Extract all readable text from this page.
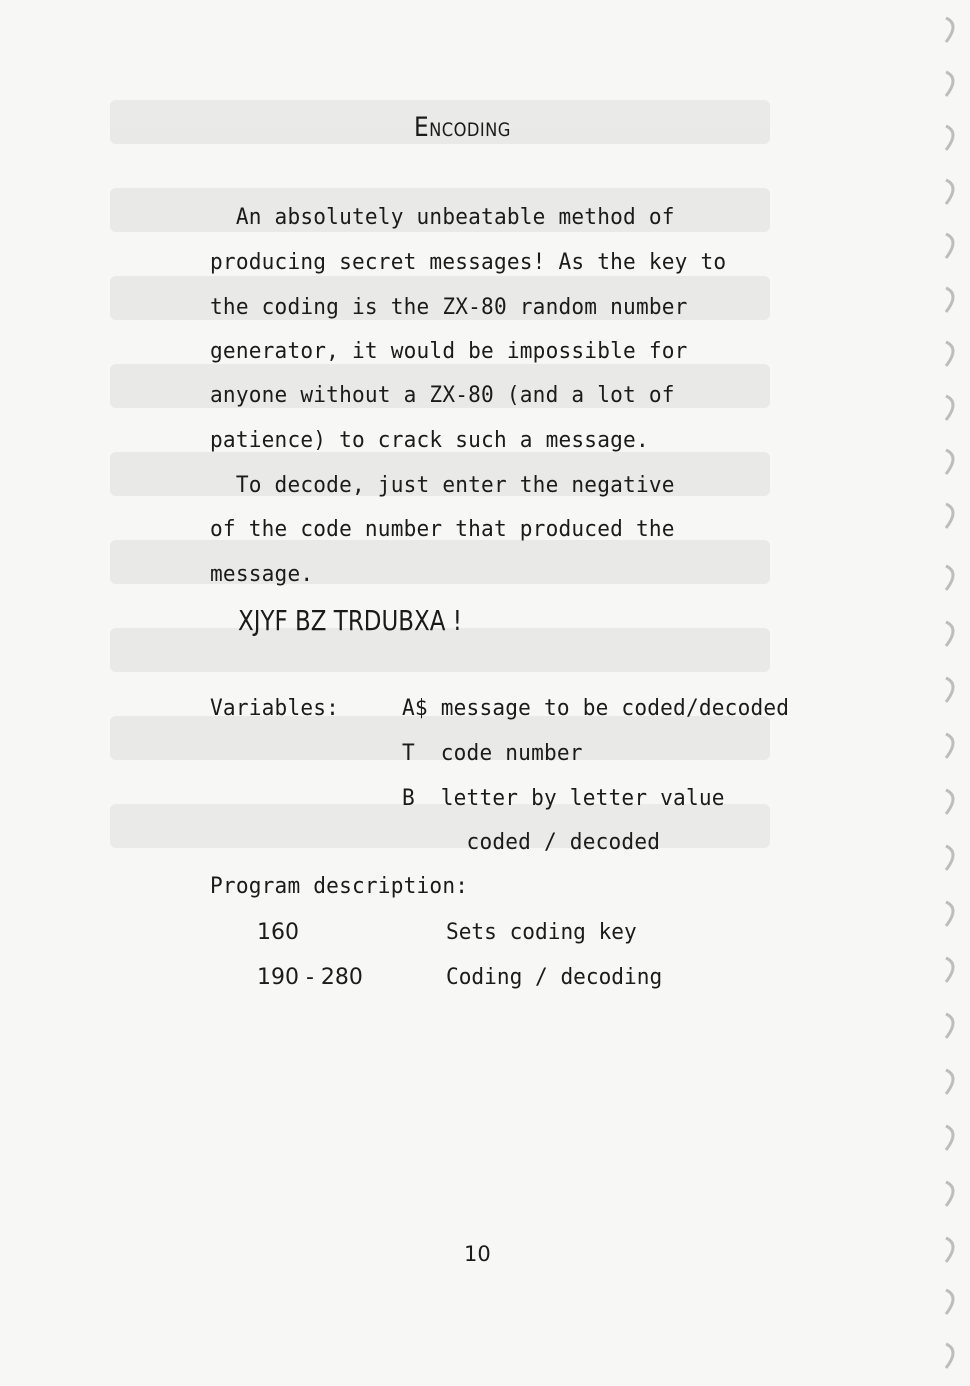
Encoding
An absolutely unbeatable method of
producing secret messages! As the key to
the coding is the ZX-80 random number
generator, it would be impossible for
anyone without a ZX-80 (and a lot of
patience) to crack such a message.
To decode, just enter the negative
of the code number that produced the
message.
XJYF BZ TRDUBXA !
Variables:	A$ message to be coded/decoded
T  code number
B  letter by letter value
coded / decoded
Program description:
160	Sets coding key
190 - 280	Coding / decoding
10
